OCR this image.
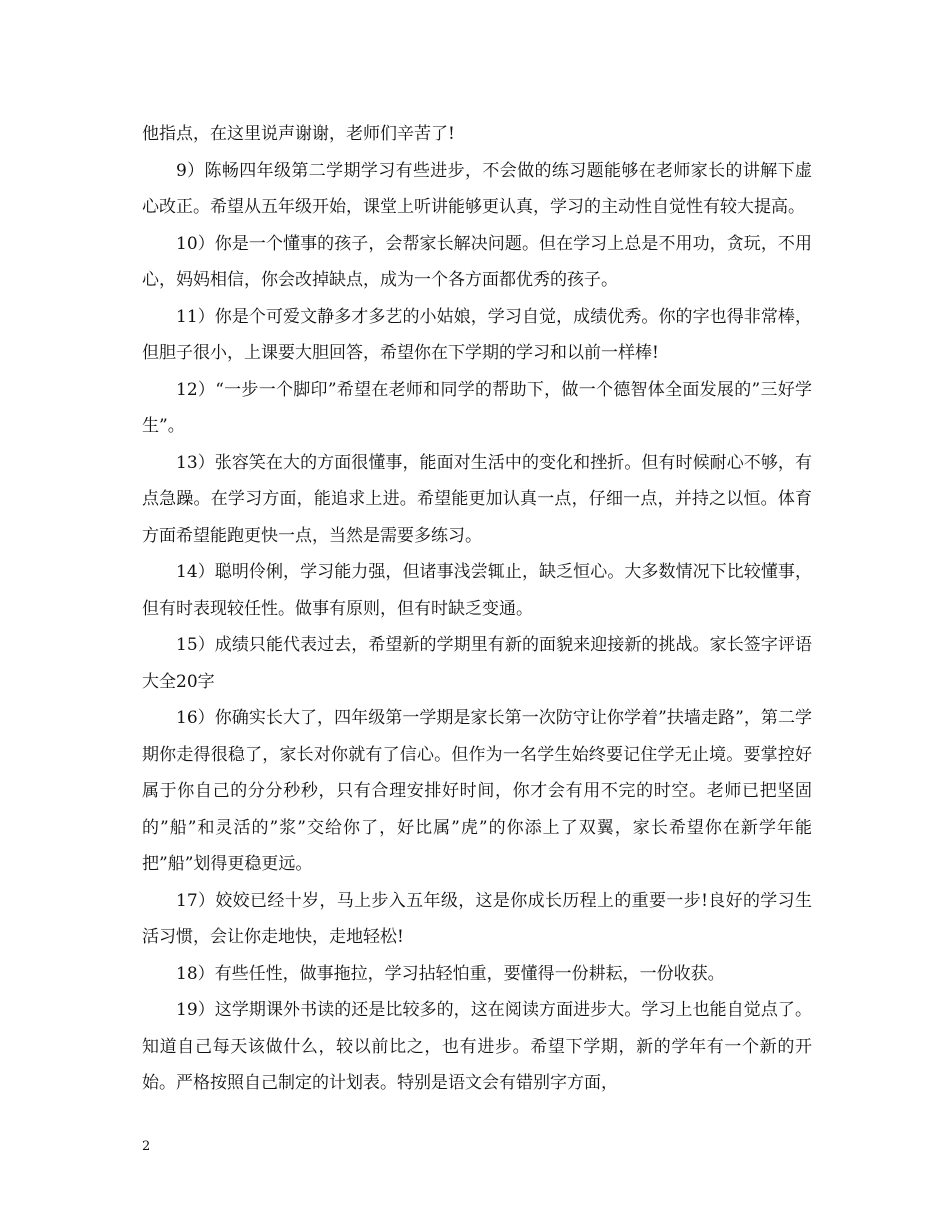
他指点，在这里说声谢谢，老师们辛苦了!

9）陈畅四年级第二学期学习有些进步，不会做的练习题能够在老师家长的讲解下虚心改正。希望从五年级开始，课堂上听讲能够更认真，学习的主动性自觉性有较大提高。

10）你是一个懂事的孩子，会帮家长解决问题。但在学习上总是不用功，贪玩，不用心，妈妈相信，你会改掉缺点，成为一个各方面都优秀的孩子。

11）你是个可爱文静多才多艺的小姑娘，学习自觉，成绩优秀。你的字也得非常棒，但胆子很小，上课要大胆回答，希望你在下学期的学习和以前一样棒!

12）“一步一个脚印”希望在老师和同学的帮助下，做一个德智体全面发展的”三好学生”。

13）张容笑在大的方面很懂事，能面对生活中的变化和挫折。但有时候耐心不够，有点急躁。在学习方面，能追求上进。希望能更加认真一点，仔细一点，并持之以恒。体育方面希望能跑更快一点，当然是需要多练习。

14）聪明伶俐，学习能力强，但诸事浅尝辄止，缺乏恒心。大多数情况下比较懂事，但有时表现较任性。做事有原则，但有时缺乏变通。

15）成绩只能代表过去，希望新的学期里有新的面貌来迎接新的挑战。家长签字评语大全20字

16）你确实长大了，四年级第一学期是家长第一次防守让你学着”扶墙走路”，第二学期你走得很稳了，家长对你就有了信心。但作为一名学生始终要记住学无止境。要掌控好属于你自己的分分秒秒，只有合理安排好时间，你才会有用不完的时空。老师已把坚固的”船”和灵活的”浆”交给你了，好比属”虎”的你添上了双翼，家长希望你在新学年能把”船”划得更稳更远。

17）姣姣已经十岁，马上步入五年级，这是你成长历程上的重要一步!良好的学习生活习惯，会让你走地快，走地轻松!

18）有些任性，做事拖拉，学习拈轻怕重，要懂得一份耕耘，一份收获。

19）这学期课外书读的还是比较多的，这在阅读方面进步大。学习上也能自觉点了。知道自己每天该做什么，较以前比之，也有进步。希望下学期，新的学年有一个新的开始。严格按照自己制定的计划表。特别是语文会有错别字方面，

2
